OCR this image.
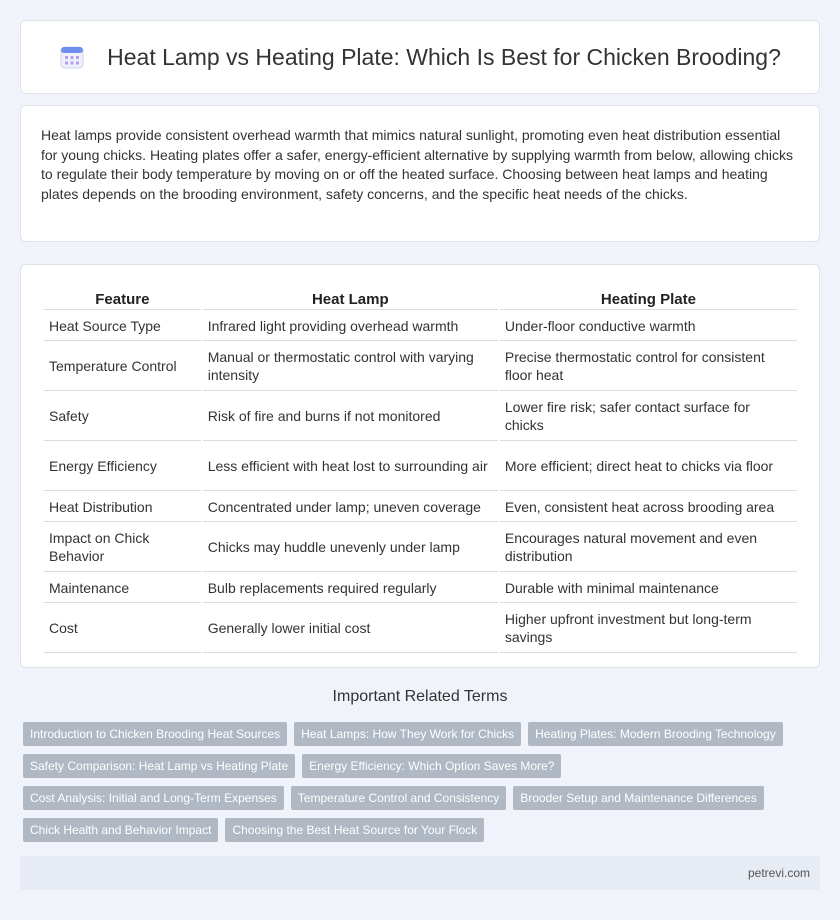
Heat Lamp vs Heating Plate: Which Is Best for Chicken Brooding?

Heat lamps provide consistent overhead warmth that mimics natural sunlight, promoting even heat distribution essential for young chicks. Heating plates offer a safer, energy-efficient alternative by supplying warmth from below, allowing chicks to regulate their body temperature by moving on or off the heated surface. Choosing between heat lamps and heating plates depends on the brooding environment, safety concerns, and the specific heat needs of the chicks.

Feature	Heat Lamp	Heating Plate
Heat Source Type	Infrared light providing overhead warmth	Under-floor conductive warmth
Temperature Control	Manual or thermostatic control with varying intensity	Precise thermostatic control for consistent floor heat
Safety	Risk of fire and burns if not monitored	Lower fire risk; safer contact surface for chicks
Energy Efficiency	Less efficient with heat lost to surrounding air	More efficient; direct heat to chicks via floor
Heat Distribution	Concentrated under lamp; uneven coverage	Even, consistent heat across brooding area
Impact on Chick Behavior	Chicks may huddle unevenly under lamp	Encourages natural movement and even distribution
Maintenance	Bulb replacements required regularly	Durable with minimal maintenance
Cost	Generally lower initial cost	Higher upfront investment but long-term savings
Important Related Terms
Introduction to Chicken Brooding Heat Sources	Heat Lamps: How They Work for Chicks	Heating Plates: Modern Brooding Technology
Safety Comparison: Heat Lamp vs Heating Plate	Energy Efficiency: Which Option Saves More?
Cost Analysis: Initial and Long-Term Expenses	Temperature Control and Consistency	Brooder Setup and Maintenance Differences
Chick Health and Behavior Impact	Choosing the Best Heat Source for Your Flock
petrevi.com
